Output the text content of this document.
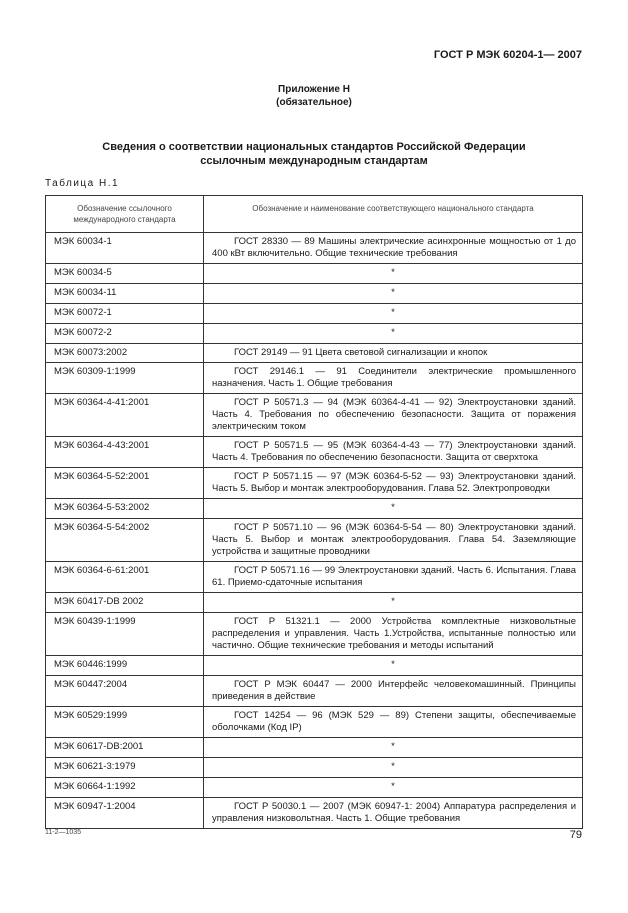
ГОСТ Р МЭК 60204-1— 2007
Приложение Н
(обязательное)
Сведения о соответствии национальных стандартов Российской Федерации
ссылочным международным стандартам
Таблица Н.1
Обозначение ссылочного международного стандарта	Обозначение и наименование соответствующего национального стандарта
МЭК 60034-1	ГОСТ 28330 — 89 Машины электрические асинхронные мощностью от 1 до 400 кВт включительно. Общие технические требования
МЭК 60034-5	*
МЭК 60034-11	*
МЭК 60072-1	*
МЭК 60072-2	*
МЭК 60073:2002	ГОСТ 29149 — 91 Цвета световой сигнализации и кнопок
МЭК 60309-1:1999	ГОСТ 29146.1 — 91 Соединители электрические промышленного назначения. Часть 1. Общие требования
МЭК 60364-4-41:2001	ГОСТ Р 50571.3 — 94 (МЭК 60364-4-41 — 92) Электроустановки зданий. Часть 4. Требования по обеспечению безопасности. Защита от поражения электрическим током
МЭК 60364-4-43:2001	ГОСТ Р 50571.5 — 95 (МЭК 60364-4-43 — 77) Электроустановки зданий. Часть 4. Требования по обеспечению безопасности. Защита от сверхтока
МЭК 60364-5-52:2001	ГОСТ Р 50571.15 — 97 (МЭК 60364-5-52 — 93) Электроустановки зданий. Часть 5. Выбор и монтаж электрооборудования. Глава 52. Электропроводки
МЭК 60364-5-53:2002	*
МЭК 60364-5-54:2002	ГОСТ Р 50571.10 — 96 (МЭК 60364-5-54 — 80) Электроустановки зданий. Часть 5. Выбор и монтаж электрооборудования. Глава 54. Заземляющие устройства и защитные проводники
МЭК 60364-6-61:2001	ГОСТ Р 50571.16 — 99 Электроустановки зданий. Часть 6. Испытания. Глава 61. Приемо-сдаточные испытания
МЭК 60417-DB 2002	*
МЭК 60439-1:1999	ГОСТ Р 51321.1 — 2000 Устройства комплектные низковольтные распределения и управления. Часть 1.Устройства, испытанные полностью или частично. Общие технические требования и методы испытаний
МЭК 60446:1999	*
МЭК 60447:2004	ГОСТ Р МЭК 60447 — 2000 Интерфейс человекомашинный. Принципы приведения в действие
МЭК 60529:1999	ГОСТ 14254 — 96 (МЭК 529 — 89) Степени защиты, обеспечиваемые оболочками (Код IP)
МЭК 60617-DB:2001	*
МЭК 60621-3:1979	*
МЭК 60664-1:1992	*
МЭК 60947-1:2004	ГОСТ Р 50030.1 — 2007 (МЭК 60947-1: 2004) Аппаратура распределения и управления низковольтная. Часть 1. Общие требования
11-2—1035	79
